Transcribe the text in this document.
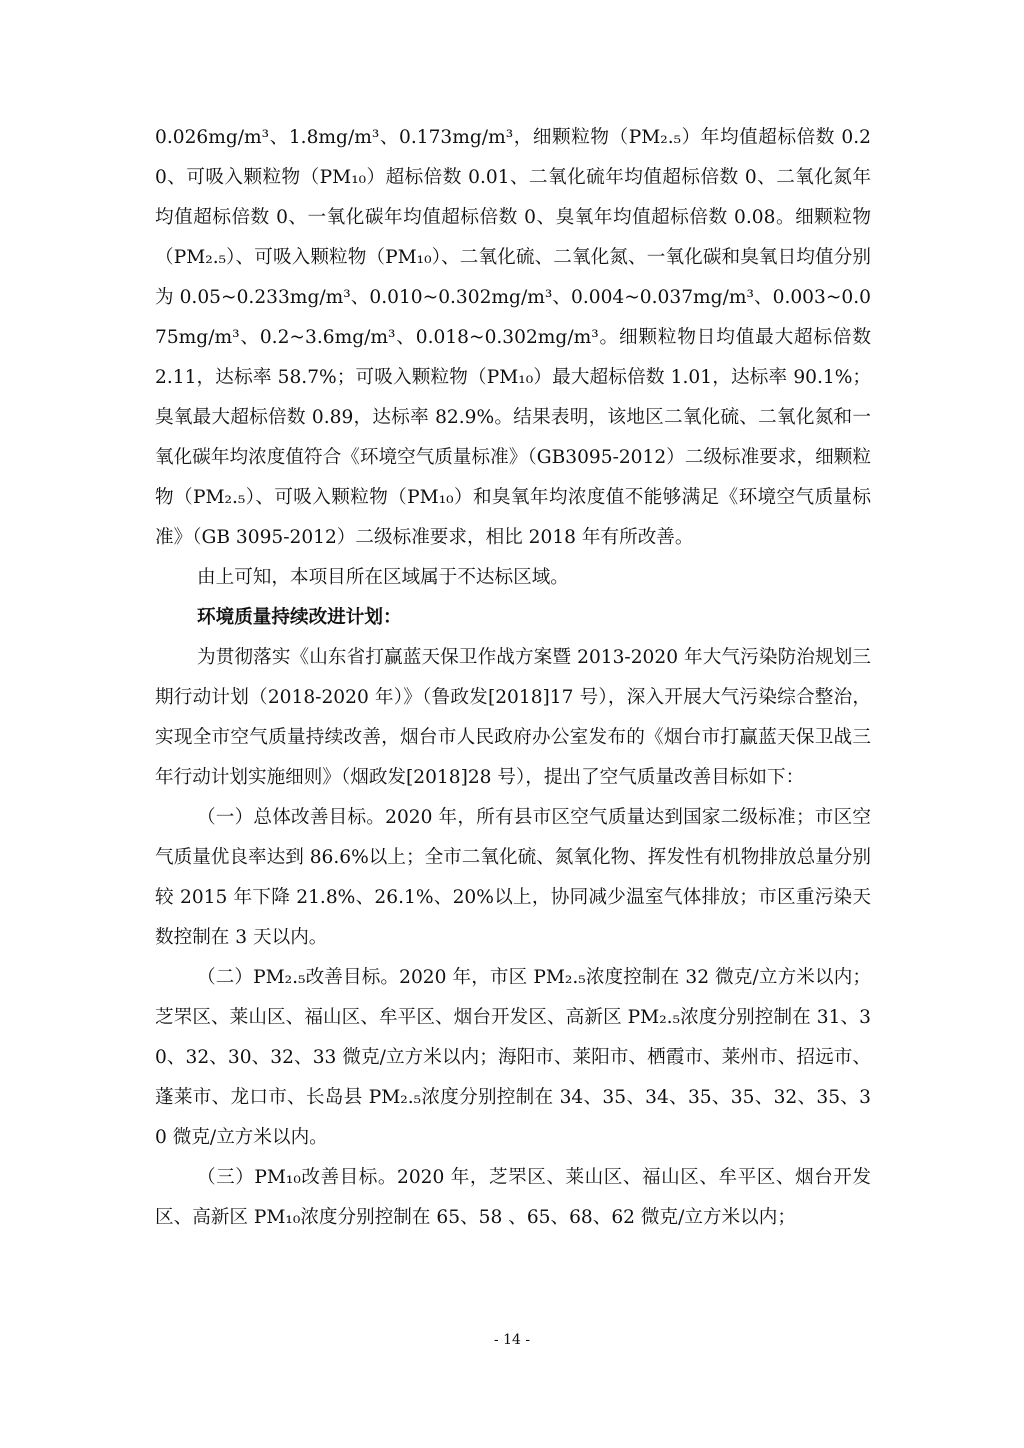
0.026mg/m³、1.8mg/m³、0.173mg/m³，细颗粒物（PM₂.₅）年均值超标倍数 0.20、可吸入颗粒物（PM₁₀）超标倍数 0.01、二氧化硫年均值超标倍数 0、二氧化氮年均值超标倍数 0、一氧化碳年均值超标倍数 0、臭氧年均值超标倍数 0.08。细颗粒物（PM₂.₅）、可吸入颗粒物（PM₁₀）、二氧化硫、二氧化氮、一氧化碳和臭氧日均值分别为 0.05~0.233mg/m³、0.010~0.302mg/m³、0.004~0.037mg/m³、0.003~0.075mg/m³、0.2~3.6mg/m³、0.018~0.302mg/m³。细颗粒物日均值最大超标倍数 2.11，达标率 58.7%；可吸入颗粒物（PM₁₀）最大超标倍数 1.01，达标率 90.1%；臭氧最大超标倍数 0.89，达标率 82.9%。结果表明，该地区二氧化硫、二氧化氮和一氧化碳年均浓度值符合《环境空气质量标准》（GB3095-2012）二级标准要求，细颗粒物（PM₂.₅）、可吸入颗粒物（PM₁₀）和臭氧年均浓度值不能够满足《环境空气质量标准》（GB 3095-2012）二级标准要求，相比 2018 年有所改善。

由上可知，本项目所在区域属于不达标区域。

环境质量持续改进计划：

为贯彻落实《山东省打赢蓝天保卫作战方案暨 2013-2020 年大气污染防治规划三期行动计划（2018-2020 年）》（鲁政发[2018]17 号），深入开展大气污染综合整治，实现全市空气质量持续改善，烟台市人民政府办公室发布的《烟台市打赢蓝天保卫战三年行动计划实施细则》（烟政发[2018]28 号），提出了空气质量改善目标如下：

（一）总体改善目标。2020 年，所有县市区空气质量达到国家二级标准；市区空气质量优良率达到 86.6%以上；全市二氧化硫、氮氧化物、挥发性有机物排放总量分别较 2015 年下降 21.8%、26.1%、20%以上，协同减少温室气体排放；市区重污染天数控制在 3 天以内。

（二）PM₂.₅改善目标。2020 年，市区 PM₂.₅浓度控制在 32 微克/立方米以内；芝罘区、莱山区、福山区、牟平区、烟台开发区、高新区 PM₂.₅浓度分别控制在 31、30、32、30、32、33 微克/立方米以内；海阳市、莱阳市、栖霞市、莱州市、招远市、蓬莱市、龙口市、长岛县 PM₂.₅浓度分别控制在 34、35、34、35、35、32、35、30 微克/立方米以内。

（三）PM₁₀改善目标。2020 年，芝罘区、莱山区、福山区、牟平区、烟台开发区、高新区 PM₁₀浓度分别控制在 65、58 、65、68、62 微克/立方米以内；

- 14 -
